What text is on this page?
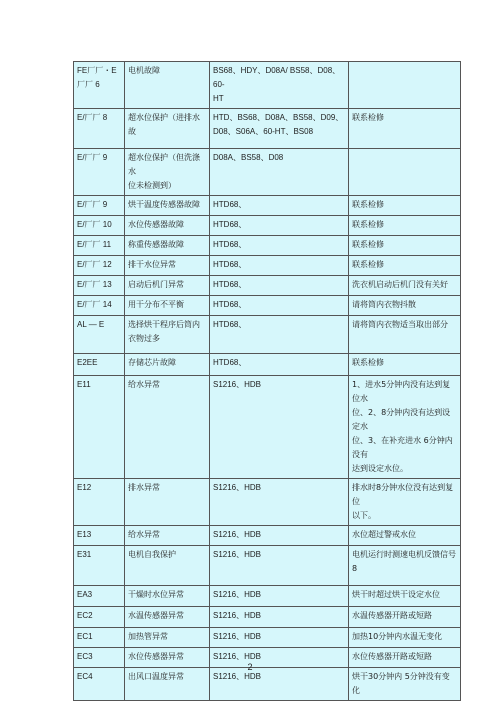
FE厂厂・E
厂厂 6	电机故障	BS68、HDY、D08A/ BS58、D08、60-
HT	

E/厂厂 8	超水位保护（进排水
故	HTD、BS68、D08A、BS58、D09、
D08、S06A、60-HT、BS08	联系检修

E/厂厂 9	超水位保护（但洗涤水
位未检测到）	D08A、BS58、D08	

E/厂厂 9	烘干温度传感器故障	HTD68、	联系检修

E/厂厂 10	水位传感器故障	HTD68、	联系检修

E/厂厂 11	称重传感器故障	HTD68、	联系检修

E/厂厂 12	排干水位异常	HTD68、	联系检修

E/厂厂 13	启动后机门异常	HTD68、	洗衣机启动后机门没有关好

E/厂厂 14	用干分布不平衡	HTD68、	请将筒内衣物抖散

AL — E	选择烘干程序后筒内
衣物过多	HTD68、	请将筒内衣物适当取出部分

E2EE	存储芯片故障	HTD68、	联系检修

E11	给水异常	S1216、HDB	1、进水5分钟内没有达到复位水
位、2、8分钟内没有达到设定水
位、3、在补充进水 6分钟内没有
达到设定水位。

E12	排水异常	S1216、HDB	排水时8分钟水位没有达到复位
以下。

E13	给水异常	S1216、HDB	水位超过警戒水位

E31	电机自我保护	S1216、HDB	电机运行时测速电机反馈信号
8

EA3	干燥时水位异常	S1216、HDB	烘干时超过烘干设定水位

EC2	水温传感器异常	S1216、HDB	水温传感器开路或短路

EC1	加热管异常	S1216、HDB	加热10分钟内水温无变化

EC3	水位传感器异常	S1216、HDB	水位传感器开路或短路

EC4	出风口温度异常	S1216、HDB	烘干30分钟内 5分钟没有变化
2
